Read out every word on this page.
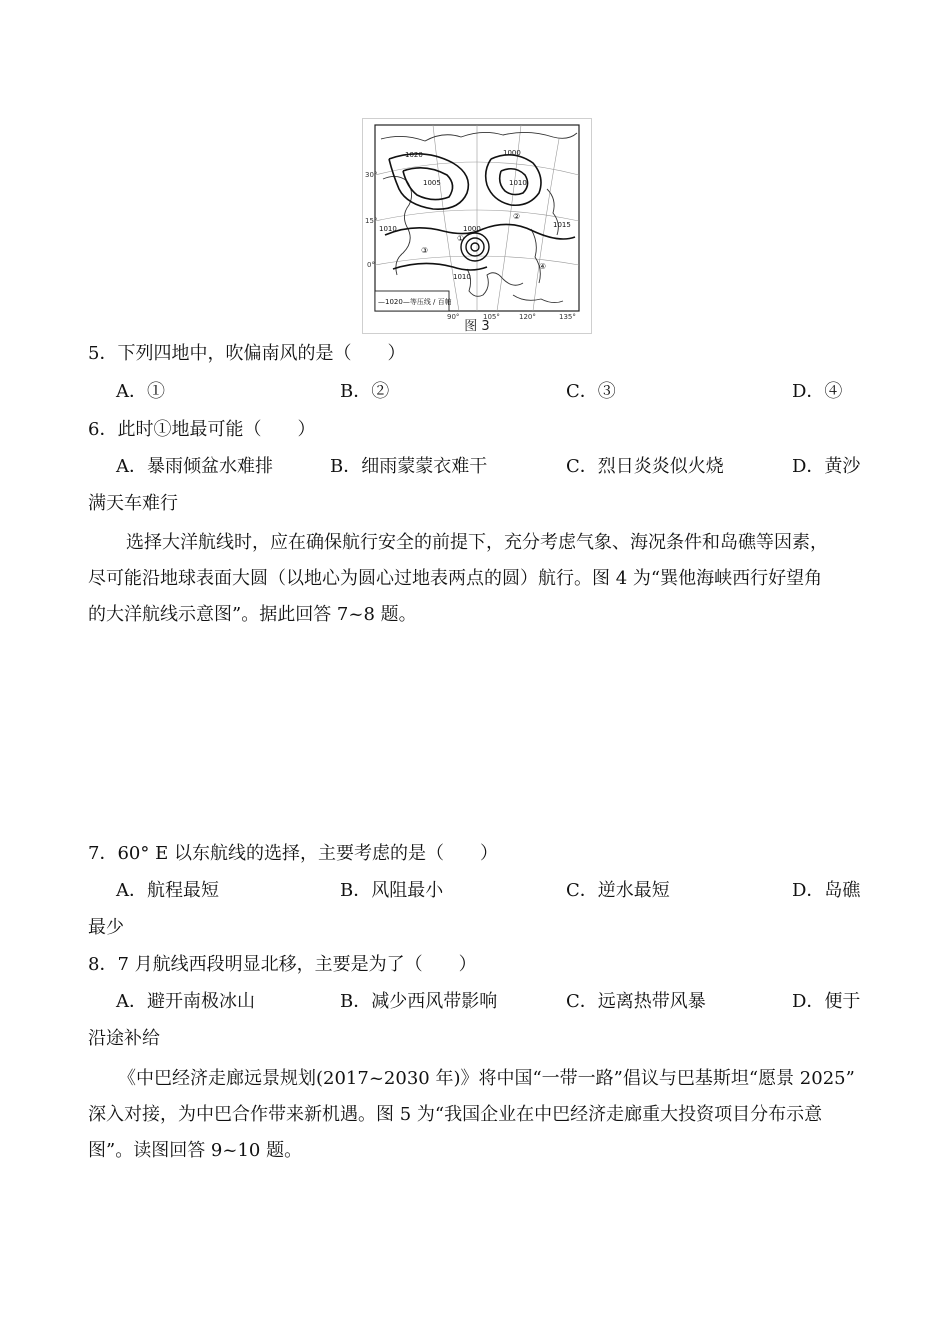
①
②
③
④
1020
1005
1000
1010
1015
1010	1000
1010
30°
15°
0°
90°	105°	120°	135°
—1020—等压线 / 百帕
图 3
5．下列四地中，吹偏南风的是（　　）
A．①	B．②	C．③	D．④
6．此时①地最可能（　　）
A．暴雨倾盆水难排	B．细雨蒙蒙衣难干	C．烈日炎炎似火烧	D．黄沙
满天车难行

选择大洋航线时，应在确保航行安全的前提下，充分考虑气象、海况条件和岛礁等因素，

尽可能沿地球表面大圆（以地心为圆心过地表两点的圆）航行。图 4 为“巽他海峡西行好望角

的大洋航线示意图”。据此回答 7~8 题。

7．60° E 以东航线的选择，主要考虑的是（　　）
A．航程最短	B．风阻最小	C．逆水最短	D．岛礁
最少
8．7 月航线西段明显北移，主要是为了（　　）
A．避开南极冰山	B．减少西风带影响	C．远离热带风暴	D．便于
沿途补给

《中巴经济走廊远景规划(2017~2030 年)》将中国“一带一路”倡议与巴基斯坦“愿景 2025”

深入对接，为中巴合作带来新机遇。图 5 为“我国企业在中巴经济走廊重大投资项目分布示意

图”。读图回答 9~10 题。
